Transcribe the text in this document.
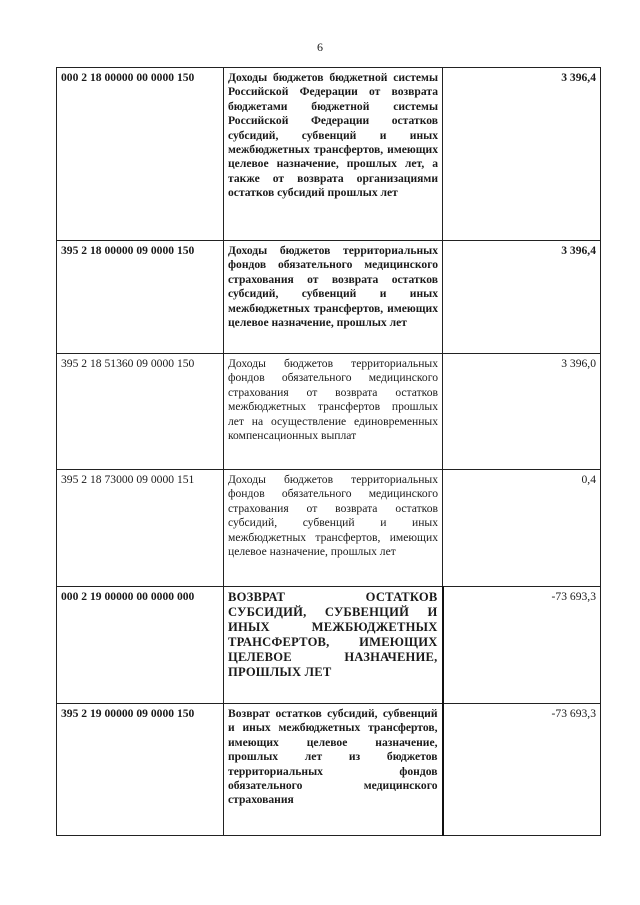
6
000 2 18 00000 00 0000 150	Доходы бюджетов бюджетной системы Российской Федерации от возврата бюджетами бюджетной системы Российской Федерации остатков субсидий, субвенций и иных межбюджетных трансфертов, имеющих целевое назначение, прошлых лет, а также от возврата организациями остатков субсидий прошлых лет	3 396,4
395 2 18 00000 09 0000 150	Доходы бюджетов территориальных фондов обязательного медицинского страхования от возврата остатков субсидий, субвенций и иных межбюджетных трансфертов, имеющих целевое назначение, прошлых лет	3 396,4
395 2 18 51360 09 0000 150	Доходы бюджетов территориальных фондов обязательного медицинского страхования от возврата остатков межбюджетных трансфертов прошлых лет на осуществление единовременных компенсационных выплат	3 396,0
395 2 18 73000 09 0000 151	Доходы бюджетов территориальных фондов обязательного медицинского страхования от возврата остатков субсидий, субвенций и иных межбюджетных трансфертов, имеющих целевое назначение, прошлых лет	0,4
000 2 19 00000 00 0000 000	ВОЗВРАТ ОСТАТКОВ СУБСИДИЙ, СУБВЕНЦИЙ И ИНЫХ МЕЖБЮДЖЕТНЫХ ТРАНСФЕРТОВ, ИМЕЮЩИХ ЦЕЛЕВОЕ НАЗНАЧЕНИЕ, ПРОШЛЫХ ЛЕТ	-73 693,3
395 2 19 00000 09 0000 150	Возврат остатков субсидий, субвенций и иных межбюджетных трансфертов, имеющих целевое назначение, прошлых лет из бюджетов территориальных фондов обязательного медицинского страхования	-73 693,3
